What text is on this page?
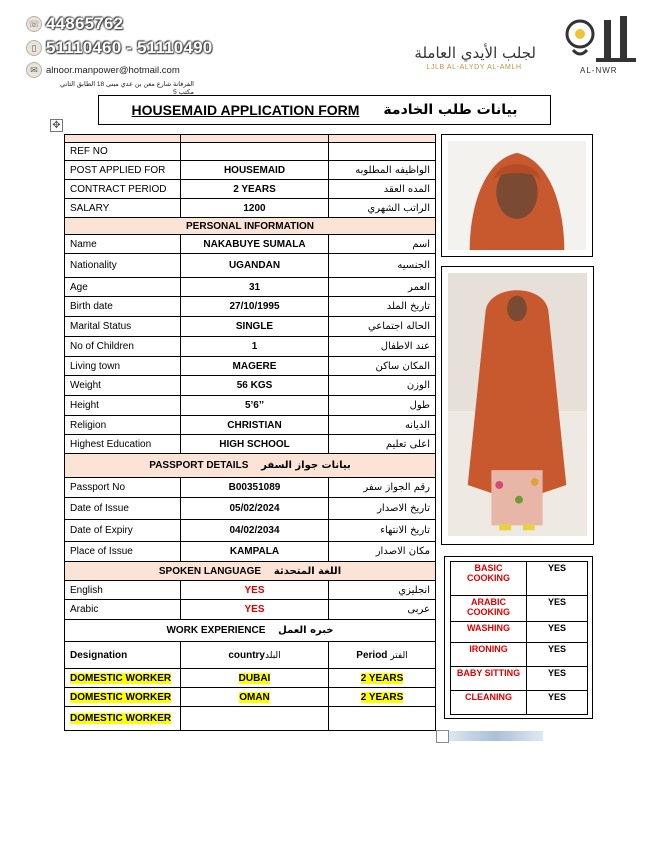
☏ 44865762
▯ 51110460 - 51110490
✉ alnoor.manpower@hotmail.com
الفرفانة شارع معن بن عدي مبنى 18 الطابق الثاني مكتب 5
لجلب الأيدي العاملة
LJLB AL-ALYDY AL-AMLH	AL-NWR
HOUSEMAID APPLICATION FORM بيانات طلب الخادمة
✥

REF NO		
POST APPLIED FOR	HOUSEMAID	الواظيفه المطلوبه
CONTRACT PERIOD	2 YEARS	المده العقد
SALARY	1200	الراتب الشهري
PERSONAL INFORMATION		
Name	NAKABUYE SUMALA	اسم
Nationality	UGANDAN	الجنسيه
Age	31	العمر
Birth date	27/10/1995	تاريخ الملد
Marital Status	SINGLE	الحاله اجتماعي
No of Children	1	عند الاطفال
Living town	MAGERE	المكان ساكن
Weight	56 KGS	الوزن
Height	5’6’’	طول
Religion	CHRISTIAN	الديانه
Highest Education	HIGH SCHOOL	اعلى تعليم
PASSPORT DETAILS بيانات جواز السفر		
Passport No	B00351089	رقم الجواز سفر
Date of Issue	05/02/2024	تاريخ الاصدار
Date of Expiry	04/02/2034	تاريخ الانتهاء
Place of Issue	KAMPALA	مكان الاصدار
SPOKEN LANGUAGE اللغة المتحدثة		
English	YES	انجليزي
Arabic	YES	عربى
WORK EXPERIENCE خبره العمل		
Designation	countryالبلد	Period الفتر
DOMESTIC WORKER	DUBAI	2 YEARS
DOMESTIC WORKER	OMAN	2 YEARS
DOMESTIC WORKER		
BASIC COOKING	YES
ARABIC COOKING	YES
WASHING	YES
IRONING	YES
BABY SITTING	YES
CLEANING	YES
